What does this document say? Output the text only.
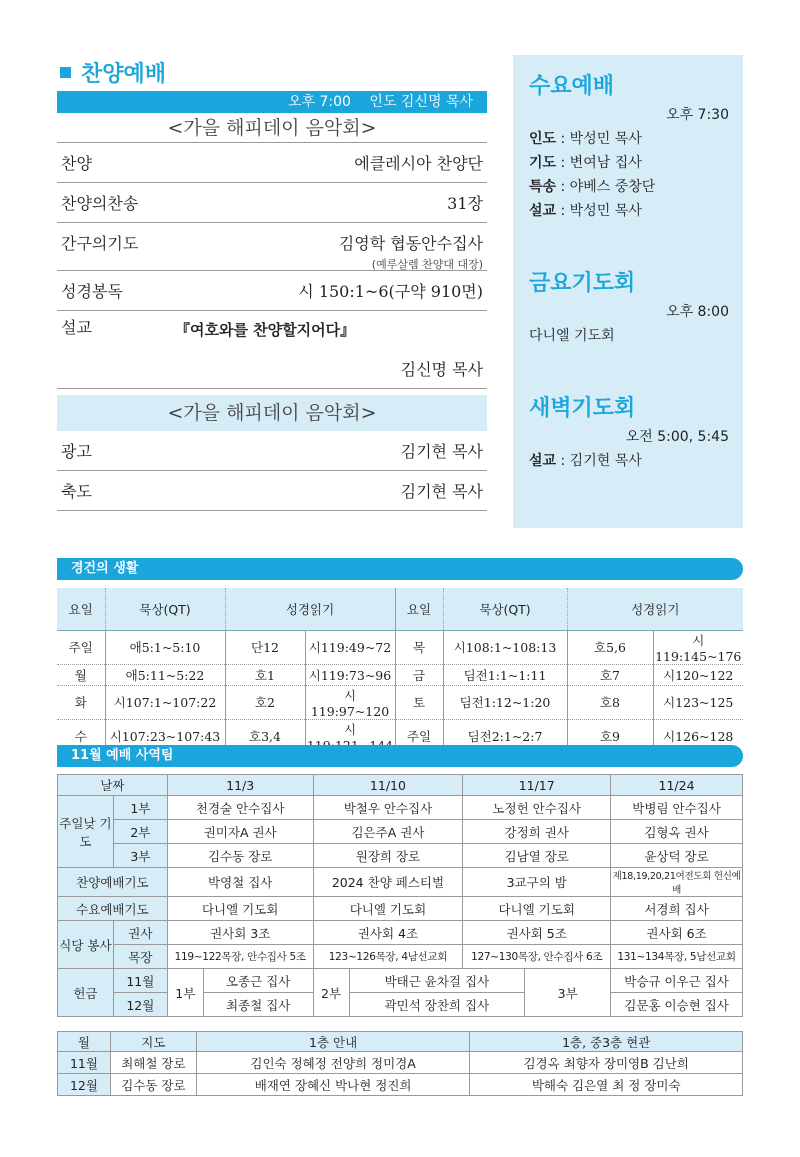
찬양예배
오후 7:00 인도 김신명 목사
<가을 해피데이 음악회>
찬양	에클레시아 찬양단
찬양의찬송	31장
간구의기도	김영학 협동안수집사
(예루살렘 찬양대 대장)
성경봉독	시 150:1~6(구약 910면)
설교	『여호와를 찬양할지어다』
김신명 목사
<가을 해피데이 음악회>
광고	김기현 목사
축도	김기현 목사
수요예배
오후 7:30
인도 : 박성민 목사
기도 : 변여남 집사
특송 : 야베스 중창단
설교 : 박성민 목사
금요기도회
오후 8:00
다니엘 기도회
새벽기도회
오전 5:00, 5:45
설교 : 김기현 목사
경건의 생활
요일	묵상(QT)	성경읽기		요일	묵상(QT)	성경읽기	
주일	애5:1~5:10	단12	시119:49~72	목	시108:1~108:13	호5,6	시119:145~176
월	애5:11~5:22	호1	시119:73~96	금	딤전1:1~1:11	호7	시120~122
화	시107:1~107:22	호2	시119:97~120	토	딤전1:12~1:20	호8	시123~125
수	시107:23~107:43	호3,4	시	주일	딤전2:1~2:7	호9	시126~128
11월 예배 사역팀
날짜		11/3		11/10		11/17		11/24
주일낮 기도	1부	천경술 안수집사		박철우 안수집사		노정헌 안수집사		박병림 안수집사
	2부	권미자A 권사		김은주A 권사		강정희 권사		김형옥 권사
	3부	김수동 장로		원장희 장로		김남열 장로		윤상덕 장로
찬양예배기도		박영철 집사		2024 찬양 페스티벌		3교구의 밤		제18,19,20,21여전도회 헌신예배
수요예배기도		다니엘 기도회		다니엘 기도회		다니엘 기도회		서경희 집사
식당 봉사	권사	권사회 3조		권사회 4조		권사회 5조		권사회 6조
	목장	119~122목장, 안수집사 5조		123~126목장, 4남선교회		127~130목장, 안수집사 6조		131~134목장, 5남선교회
헌금	11월	1부	오종근 집사	2부	박태근 윤차걸 집사		3부	박승규 이우근 집사
	12월		최종철 집사		곽민석 장찬희 집사			김문홍 이승현 집사
월	지도	1층 안내	1층, 중3층 현관
11월	최해철 장로	김인숙 정혜정 전양희 정미경A	김경옥 최향자 장미영B 김난희
12월	김수동 장로	배재연 장혜신 박나현 정진희	박해숙 김은열 최 정 장미숙
